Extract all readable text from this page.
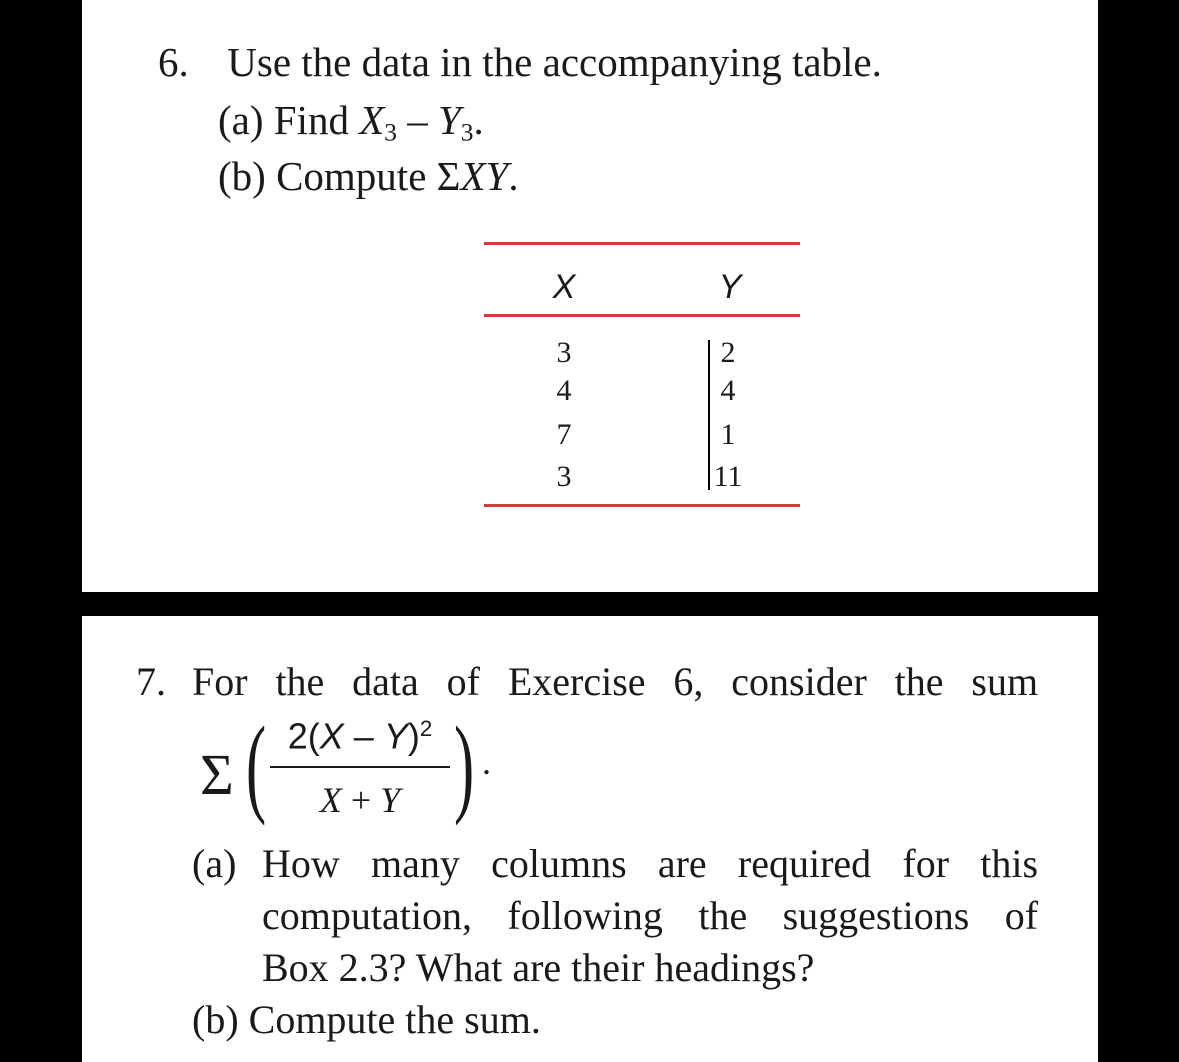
6. Use the data in the accompanying table.
(a) Find $X_3 - Y_3$.
(b) Compute ΣXY.
X	Y
3	2
4	4
7	1
3	11
7. For the data of Exercise 6, consider the sum
Σ ( 2(X – Y)$^2$
X + Y ) .
(a) How many columns are required for this
computation, following the suggestions of
Box 2.3? What are their headings?
(b) Compute the sum.
